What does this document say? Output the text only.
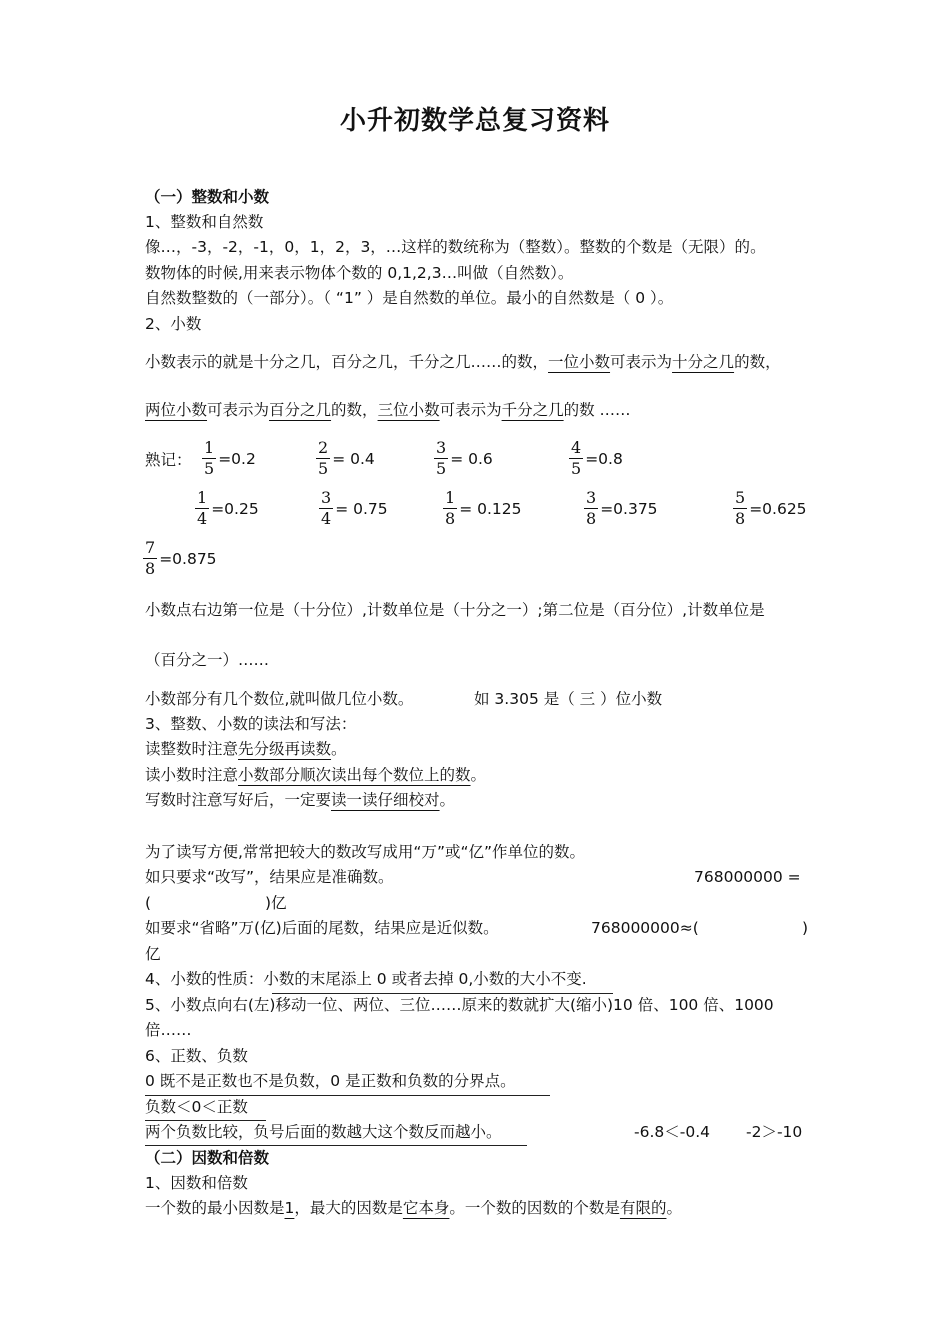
小升初数学总复习资料
（一）整数和小数
1、整数和自然数
像…，-3，-2，-1，0，1，2，3，…这样的数统称为（整数）。整数的个数是（无限）的。
数物体的时候,用来表示物体个数的 0,1,2,3…叫做（自然数）。
自然数整数的（一部分）。（ “1” ）是自然数的单位。最小的自然数是（ 0 ）。
2、小数
小数表示的就是十分之几，百分之几，千分之几……的数，一位小数可表示为十分之几的数，
两位小数可表示为百分之几的数，三位小数可表示为千分之几的数 ……
熟记： $\frac{1}{5} =0.2$	$\frac{2}{5} = 0.4$	$\frac{3}{5} = 0.6$	$\frac{4}{5} =0.8$
$\frac{1}{4} =0.25$	$\frac{3}{4} = 0.75$	$\frac{1}{8} = 0.125$	$\frac{3}{8} =0.375$	$\frac{5}{8} =0.625$
$\frac{7}{8} =0.875$
小数点右边第一位是（十分位）,计数单位是（十分之一）;第二位是（百分位）,计数单位是
（百分之一）……
小数部分有几个数位,就叫做几位小数。	如 3.305 是（ 三 ）位小数
3、整数、小数的读法和写法：
读整数时注意先分级再读数。
读小数时注意小数部分顺次读出每个数位上的数。
写数时注意写好后，一定要读一读仔细校对。
为了读写方便,常常把较大的数改写成用“万”或“亿”作单位的数。
如只要求“改写”，结果应是准确数。	768000000 =
(	)亿
如要求“省略”万(亿)后面的尾数，结果应是近似数。	768000000≈(	)
亿
4、小数的性质：小数的末尾添上 0 或者去掉 0,小数的大小不变.
5、小数点向右(左)移动一位、两位、三位……原来的数就扩大(缩小)10 倍、100 倍、1000
倍……
6、正数、负数
0 既不是正数也不是负数，0 是正数和负数的分界点。
负数＜0＜正数
两个负数比较，负号后面的数越大这个数反而越小。	-6.8＜-0.4 -2＞-10
（二）因数和倍数
1、因数和倍数
一个数的最小因数是1，最大的因数是它本身。一个数的因数的个数是有限的。
